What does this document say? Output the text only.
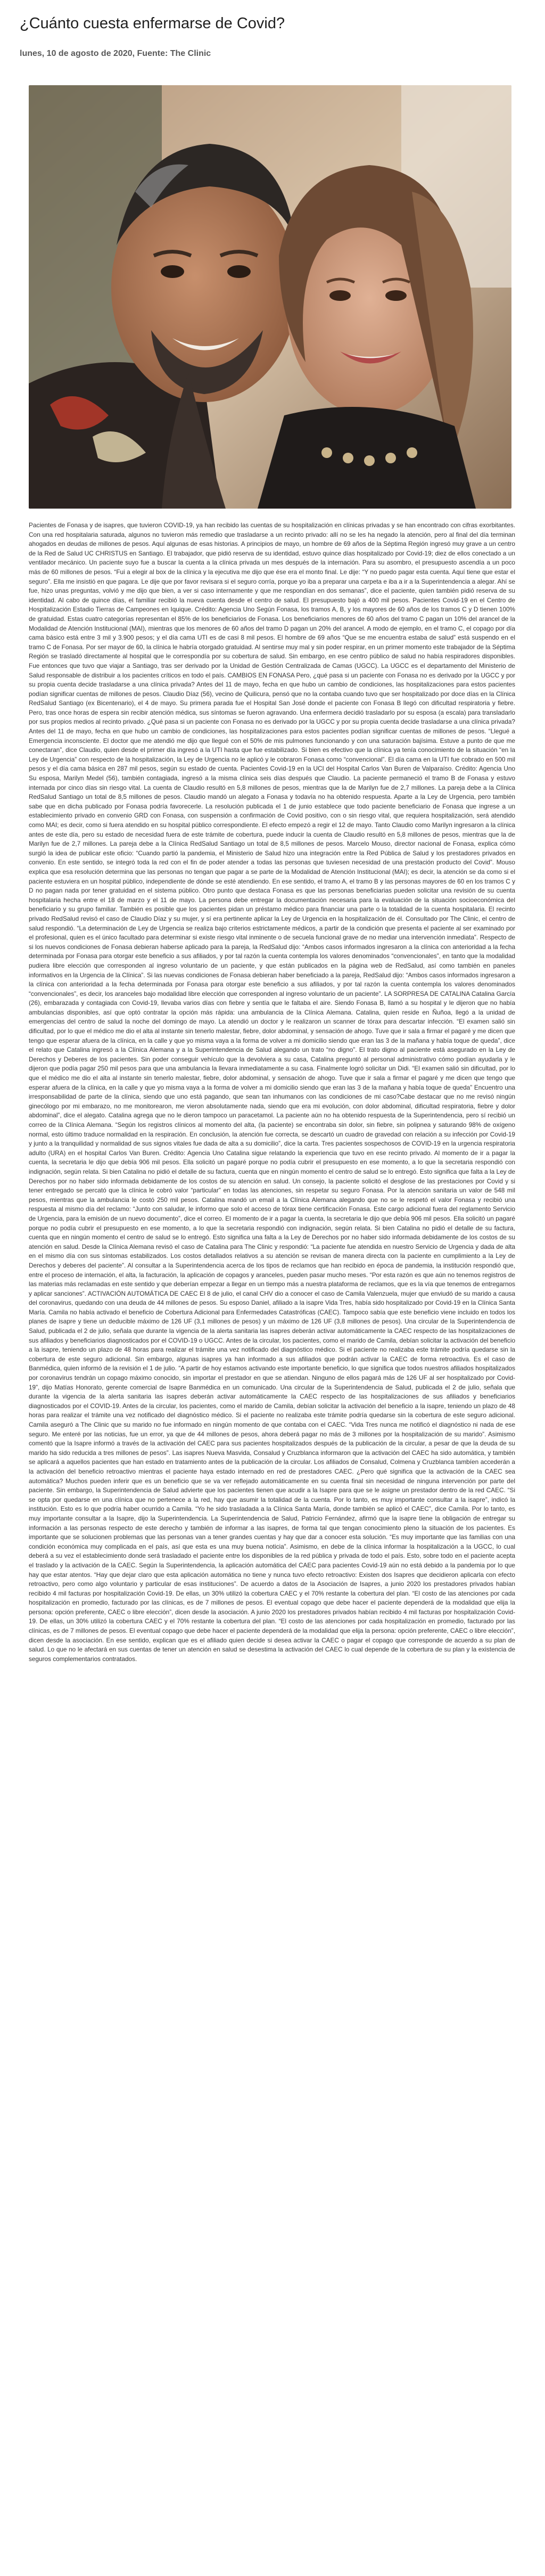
¿Cuánto cuesta enfermarse de Covid?

lunes, 10 de agosto de 2020, Fuente: The Clinic

Pacientes de Fonasa y de isapres, que tuvieron COVID-19, ya han recibido las cuentas de su hospitalización en clínicas privadas y se han encontrado con cifras exorbitantes. Con una red hospitalaria saturada, algunos no tuvieron más remedio que trasladarse a un recinto privado: allí no se les ha negado la atención, pero al final del día terminan ahogados en deudas de millones de pesos. Aquí algunas de esas historias. A principios de mayo, un hombre de 69 años de la Séptima Región ingresó muy grave a un centro de la Red de Salud UC CHRISTUS en Santiago. El trabajador, que pidió reserva de su identidad, estuvo quince días hospitalizado por Covid-19; diez de ellos conectado a un ventilador mecánico. Un paciente suyo fue a buscar la cuenta a la clínica privada un mes después de la internación. Para su asombro, el presupuesto ascendía a un poco más de 60 millones de pesos. “Fui a elegir al box de la clínica y la ejecutiva me dijo que ése era el monto final. Le dije: “Y no puedo pagar esta cuenta. Aquí tiene que estar el seguro”. Ella me insistió en que pagara. Le dije que por favor revisara si el seguro corría, porque yo iba a preparar una carpeta e iba a ir a la Superintendencia a alegar. Ahí se fue, hizo unas preguntas, volvió y me dijo que bien, a ver si caso internamente y que me respondían en dos semanas”, dice el paciente, quien también pidió reserva de su identidad. Al cabo de quince días, el familiar recibió la nueva cuenta desde el centro de salud. El presupuesto bajó a 400 mil pesos. Pacientes Covid-19 en el Centro de Hospitalización Estadio Tierras de Campeones en Iquique. Crédito: Agencia Uno Según Fonasa, los tramos A, B, y los mayores de 60 años de los tramos C y D tienen 100% de gratuidad. Estas cuatro categorías representan el 85% de los beneficiarios de Fonasa. Los beneficiarios menores de 60 años del tramo C pagan un 10% del arancel de la Modalidad de Atención Institucional (MAI), mientras que los menores de 60 años del tramo D pagan un 20% del arancel. A modo de ejemplo, en el tramo C, el copago por día cama básico está entre 3 mil y 3.900 pesos; y el día cama UTI es de casi 8 mil pesos. El hombre de 69 años “Que se me encuentra estaba de salud” está suspendo en el tramo C de Fonasa. Por ser mayor de 60, la clínica le habría otorgado gratuidad. Al sentirse muy mal y sin poder respirar, en un primer momento este trabajador de la Séptima Región se trasladó directamente al hospital que le correspondía por su cobertura de salud. Sin embargo, en ese centro público de salud no había respiradores disponibles. Fue entonces que tuvo que viajar a Santiago, tras ser derivado por la Unidad de Gestión Centralizada de Camas (UGCC). La UGCC es el departamento del Ministerio de Salud responsable de distribuir a los pacientes críticos en todo el país. CAMBIOS EN FONASA Pero, ¿qué pasa si un paciente con Fonasa no es derivado por la UGCC y por su propia cuenta decide trasladarse a una clínica privada? Antes del 11 de mayo, fecha en que hubo un cambio de condiciones, las hospitalizaciones para estos pacientes podían significar cuentas de millones de pesos. Claudio Díaz (56), vecino de Quilicura, pensó que no la contaba cuando tuvo que ser hospitalizado por doce días en la Clínica RedSalud Santiago (ex Bicentenario), el 4 de mayo. Su primera parada fue el Hospital San José donde el paciente con Fonasa B llegó con dificultad respiratoria y fiebre. Pero, tras once horas de espera sin recibir atención médica, sus síntomas se fueron agravando. Una enfermera decidió trasladarlo por su esposa (a escala) para transladarlo por sus propios medios al recinto privado. ¿Qué pasa si un paciente con Fonasa no es derivado por la UGCC y por su propia cuenta decide trasladarse a una clínica privada? Antes del 11 de mayo, fecha en que hubo un cambio de condiciones, las hospitalizaciones para estos pacientes podían significar cuentas de millones de pesos. “Llegué a Emergencia inconsciente. El doctor que me atendió me dijo que llegué con el 50% de mis pulmones funcionando y con una saturación bajísima. Estuve a punto de que me conectaran”, dice Claudio, quien desde el primer día ingresó a la UTI hasta que fue estabilizado. Si bien es efectivo que la clínica ya tenía conocimiento de la situación “en la Ley de Urgencia” con respecto de la hospitalización, la Ley de Urgencia no le aplicó y le cobraron Fonasa como “convencional”. El día cama en la UTI fue cobrado en 500 mil pesos y el día cama básica en 287 mil pesos, según su estado de cuenta. Pacientes Covid-19 en la UCI del Hospital Carlos Van Buren de Valparaíso. Crédito: Agencia Uno Su esposa, Marilyn Medel (56), también contagiada, ingresó a la misma clínica seis días después que Claudio. La paciente permaneció el tramo B de Fonasa y estuvo internada por cinco días sin riesgo vital. La cuenta de Claudio resultó en 5,8 millones de pesos, mientras que la de Marilyn fue de 2,7 millones. La pareja debe a la Clínica RedSalud Santiago un total de 8,5 millones de pesos. Claudio mandó un alegato a Fonasa y todavía no ha obtenido respuesta. Aparte a la Ley de Urgencia, pero también sabe que en dicha publicado por Fonasa podría favorecerle. La resolución publicada el 1 de junio establece que todo paciente beneficiario de Fonasa que ingrese a un establecimiento privado en convenio GRD con Fonasa, con suspensión a confirmación de Covid positivo, con o sin riesgo vital, que requiera hospitalización, será atendido como MAI; es decir, como si fuera atendido en su hospital público correspondiente. El efecto empezó a regir el 12 de mayo. Tanto Claudio como Marilyn ingresaron a la clínica antes de este día, pero su estado de necesidad fuera de este trámite de cobertura, puede inducir la cuenta de Claudio resultó en 5,8 millones de pesos, mientras que la de Marilyn fue de 2,7 millones. La pareja debe a la Clínica RedSalud Santiago un total de 8,5 millones de pesos. Marcelo Mouso, director nacional de Fonasa, explica cómo surgió la idea de publicar este oficio: “Cuando partió la pandemia, el Ministerio de Salud hizo una integración entre la Red Pública de Salud y los prestadores privados en convenio. En este sentido, se integró toda la red con el fin de poder atender a todas las personas que tuviesen necesidad de una prestación producto del Covid”. Mouso explica que esa resolución determina que las personas no tengan que pagar a se parte de la Modalidad de Atención Institucional (MAI); es decir, la atención se da como si el paciente estuviera en un hospital público, independiente de dónde se esté atendiendo. En ese sentido, el tramo A, el tramo B y las personas mayores de 60 en los tramos C y D no pagan nada por tener gratuidad en el sistema público. Otro punto que destaca Fonasa es que las personas beneficiarias pueden solicitar una revisión de su cuenta hospitalaria hecha entre el 18 de marzo y el 11 de mayo. La persona debe entregar la documentación necesaria para la evaluación de la situación socioeconómica del beneficiario y su grupo familiar. También es posible que los pacientes pidan un préstamo médico para financiar una parte o la totalidad de la cuenta hospitalaria. El recinto privado RedSalud revisó el caso de Claudio Díaz y su mujer, y sí era pertinente aplicar la Ley de Urgencia en la hospitalización de él. Consultado por The Clinic, el centro de salud respondió. “La determinación de Ley de Urgencia se realiza bajo criterios estrictamente médicos, a partir de la condición que presenta el paciente al ser examinado por el profesional, quien es el único facultado para determinar si existe riesgo vital inminente o de secuela funcional grave de no mediar una intervención inmediata”. Respecto de si los nuevos condiciones de Fonasa debieran haberse aplicado para la pareja, la RedSalud dijo: “Ambos casos informados ingresaron a la clínica con anterioridad a la fecha determinada por Fonasa para otorgar este beneficio a sus afiliados, y por tal razón la cuenta contempla los valores denominados “convencionales”, en tanto que la modalidad pudiera libre elección que corresponden al ingreso voluntario de un paciente, y que están publicados en la página web de RedSalud, así como también en paneles informativos en la Urgencia de la Clínica”. Si las nuevas condiciones de Fonasa debieran haber beneficiado a la pareja, RedSalud dijo: “Ambos casos informados ingresaron a la clínica con anterioridad a la fecha determinada por Fonasa para otorgar este beneficio a sus afiliados, y por tal razón la cuenta contempla los valores denominados “convencionales”, es decir, los aranceles bajo modalidad libre elección que corresponden al ingreso voluntario de un paciente”. LA SORPRESA DE CATALINA Catalina García (26), embarazada y contagiada con Covid-19, llevaba varios días con fiebre y sentía que le faltaba el aire. Siendo Fonasa B, llamó a su hospital y le dijeron que no había ambulancias disponibles, así que optó contratar la opción más rápida: una ambulancia de la Clínica Alemana. Catalina, quien reside en Ñuñoa, llegó a la unidad de emergencias del centro de salud la noche del domingo de mayo. La atendió un doctor y le realizaron un scanner de tórax para descartar infección. “El examen salió sin dificultad, por lo que el médico me dio el alta al instante sin tenerlo malestar, fiebre, dolor abdominal, y sensación de ahogo. Tuve que ir sala a firmar el pagaré y me dicen que tengo que esperar afuera de la clínica, en la calle y que yo misma vaya a la forma de volver a mi domicilio siendo que eran las 3 de la mañana y había toque de queda”, dice el relato que Catalina ingresó a la Clínica Alemana y a la Superintendencia de Salud alegando un trato “no digno”. El trato digno al paciente está asegurado en la Ley de Derechos y Deberes de los pacientes. Sin poder conseguir vehículo que la devolviera a su casa, Catalina preguntó al personal administrativo cómo podían ayudarla y le dijeron que podía pagar 250 mil pesos para que una ambulancia la llevara inmediatamente a su casa. Finalmente logró solicitar un Didi. “El examen salió sin dificultad, por lo que el médico me dio el alta al instante sin tenerlo malestar, fiebre, dolor abdominal, y sensación de ahogo. Tuve que ir sala a firmar el pagaré y me dicen que tengo que esperar afuera de la clínica, en la calle y que yo misma vaya a la forma de volver a mi domicilio siendo que eran las 3 de la mañana y había toque de queda” Encuentro una irresponsabilidad de parte de la clínica, siendo que uno está pagando, que sean tan inhumanos con las condiciones de mi caso?Cabe destacar que no me revisó ningún ginecólogo por mi embarazo, no me monitorearon, me vieron absolutamente nada, siendo que era mi evolución, con dolor abdominal, dificultad respiratoria, fiebre y dolor abdominal”, dice el alegato. Catalina agrega que no le dieron tampoco un paracetamol. La paciente aún no ha obtenido respuesta de la Superintendencia, pero sí recibió un correo de la Clínica Alemana. “Según los registros clínicos al momento del alta, (la paciente) se encontraba sin dolor, sin fiebre, sin polipnea y saturando 98% de oxígeno normal, esto último traduce normalidad en la respiración. En conclusión, la atención fue correcta, se descartó un cuadro de gravedad con relación a su infección por Covid-19 y junto a la tranquilidad y normalidad de sus signos vitales fue dada de alta a su domicilio”, dice la carta. Tres pacientes sospechosos de COVID-19 en la urgencia respiratoria adulto (URA) en el hospital Carlos Van Buren. Crédito: Agencia Uno Catalina sigue relatando la experiencia que tuvo en ese recinto privado. Al momento de ir a pagar la cuenta, la secretaria le dijo que debía 906 mil pesos. Ella solicitó un pagaré porque no podía cubrir el presupuesto en ese momento, a lo que la secretaria respondió con indignación, según relata. Si bien Catalina no pidió el detalle de su factura, cuenta que en ningún momento el centro de salud se lo entregó. Esto significa que falta a la Ley de Derechos por no haber sido informada debidamente de los costos de su atención en salud. Un consejo, la paciente solicitó el desglose de las prestaciones por Covid y si tener entregado se percató que la clínica le cobró valor “particular” en todas las atenciones, sin respetar su seguro Fonasa. Por la atención sanitaria un valor de 548 mil pesos, mientras que la ambulancia le costó 250 mil pesos. Catalina mandó un email a la Clínica Alemana alegando que no se le respetó el valor Fonasa y recibió una respuesta al mismo día del reclamo: “Junto con saludar, le informo que solo el acceso de tórax tiene certificación Fonasa. Este cargo adicional fuera del reglamento Servicio de Urgencia, para la emisión de un nuevo documento”, dice el correo. El momento de ir a pagar la cuenta, la secretaria le dijo que debía 906 mil pesos. Ella solicitó un pagaré porque no podía cubrir el presupuesto en ese momento, a lo que la secretaria respondió con indignación, según relata. Si bien Catalina no pidió el detalle de su factura, cuenta que en ningún momento el centro de salud se lo entregó. Esto significa una falta a la Ley de Derechos por no haber sido informada debidamente de los costos de su atención en salud. Desde la Clínica Alemana revisó el caso de Catalina para The Clinic y respondió: “La paciente fue atendida en nuestro Servicio de Urgencia y dada de alta en el mismo día con sus síntomas estabilizados. Los costos detallados relativos a su atención se revisan de manera directa con la paciente en cumplimiento a la Ley de Derechos y deberes del paciente”. Al consultar a la Superintendencia acerca de los tipos de reclamos que han recibido en época de pandemia, la institución respondió que, entre el proceso de internación, el alta, la facturación, la aplicación de copagos y aranceles, pueden pasar mucho meses. “Por esta razón es que aún no tenemos registros de las materias más reclamadas en este sentido y que deberían empezar a llegar en un tiempo más a nuestra plataforma de reclamos, que es la vía que tenemos de entregarnos y aplicar sanciones”. ACTIVACIÓN AUTOMÁTICA DE CAEC El 8 de julio, el canal CHV dio a conocer el caso de Camila Valenzuela, mujer que enviudó de su marido a causa del coronavirus, quedando con una deuda de 44 millones de pesos. Su esposo Daniel, afiliado a la isapre Vida Tres, había sido hospitalizado por Covid-19 en la Clínica Santa María. Camila no había activado el beneficio de Cobertura Adicional para Enfermedades Catastróficas (CAEC). Tampoco sabía que este beneficio viene incluido en todos los planes de isapre y tiene un deducible máximo de 126 UF (3,1 millones de pesos) y un máximo de 126 UF (3,8 millones de pesos). Una circular de la Superintendencia de Salud, publicada el 2 de julio, señala que durante la vigencia de la alerta sanitaria las isapres deberán activar automáticamente la CAEC respecto de las hospitalizaciones de sus afiliados y beneficiarios diagnosticados por el COVID-19 o UGCC. Antes de la circular, los pacientes, como el marido de Camila, debían solicitar la activación del beneficio a la isapre, teniendo un plazo de 48 horas para realizar el trámite una vez notificado del diagnóstico médico. Si el paciente no realizaba este trámite podría quedarse sin la cobertura de este seguro adicional. Sin embargo, algunas isapres ya han informado a sus afiliados que podrán activar la CAEC de forma retroactiva. Es el caso de Banmédica, quien informó de la revisión el 1 de julio. “A partir de hoy estamos activando este importante beneficio, lo que significa que todos nuestros afiliados hospitalizados por coronavirus tendrán un copago máximo conocido, sin importar el prestador en que se atiendan. Ninguno de ellos pagará más de 126 UF al ser hospitalizado por Covid-19”, dijo Matías Honorato, gerente comercial de Isapre Banmédica en un comunicado. Una circular de la Superintendencia de Salud, publicada el 2 de julio, señala que durante la vigencia de la alerta sanitaria las isapres deberán activar automáticamente la CAEC respecto de las hospitalizaciones de sus afiliados y beneficiarios diagnosticados por el COVID-19. Antes de la circular, los pacientes, como el marido de Camila, debían solicitar la activación del beneficio a la isapre, teniendo un plazo de 48 horas para realizar el trámite una vez notificado del diagnóstico médico. Si el paciente no realizaba este trámite podría quedarse sin la cobertura de este seguro adicional. Camila aseguró a The Clinic que su marido no fue informado en ningún momento de que contaba con el CAEC. “Vida Tres nunca me notificó el diagnóstico ni nada de ese seguro. Me enteré por las noticias, fue un error, ya que de 44 millones de pesos, ahora deberá pagar no más de 3 millones por la hospitalización de su marido”. Asimismo comentó que la Isapre informó a través de la activación del CAEC para sus pacientes hospitalizados después de la publicación de la circular, a pesar de que la deuda de su marido ha sido reducida a tres millones de pesos”. Las isapres Nueva Masvida, Consalud y Cruzblanca informaron que la activación del CAEC ha sido automática, y también se aplicará a aquellos pacientes que han estado en tratamiento antes de la publicación de la circular. Los afiliados de Consalud, Colmena y Cruzblanca tambíen accederán a la activación del beneficio retroactivo mientras el paciente haya estado internado en red de prestadores CAEC. ¿Pero qué significa que la activación de la CAEC sea automática? Muchos pueden inferir que es un beneficio que se va ver reflejado automáticamente en su cuenta final sin necesidad de ninguna intervención por parte del paciente. Sin embargo, la Superintendencia de Salud advierte que los pacientes tienen que acudir a la Isapre para que se le asigne un prestador dentro de la red CAEC. “Si se opta por quedarse en una clínica que no pertenece a la red, hay que asumir la totalidad de la cuenta. Por lo tanto, es muy importante consultar a la isapre”, indicó la institución. Esto es lo que podría haber ocurrido a Camila. “Yo he sido trasladada a la Clínica Santa María, donde también se aplicó el CAEC”, dice Camila. Por lo tanto, es muy importante consultar a la Isapre, dijo la Superintendencia. La Superintendencia de Salud, Patricio Fernández, afirmó que la isapre tiene la obligación de entregar su información a las personas respecto de este derecho y también de informar a las isapres, de forma tal que tengan conocimiento pleno la situación de los pacientes. Es importante que se solucionen problemas que las personas van a tener grandes cuentas y hay que dar a conocer esta solución. “Es muy importante que las familias con una condición económica muy complicada en el país, así que esta es una muy buena noticia”. Asimismo, en debe de la clínica informar la hospitalización a la UGCC, lo cual deberá a su vez el establecimiento donde será trasladado el paciente entre los disponibles de la red pública y privada de todo el país. Esto, sobre todo en el paciente acepta el traslado y la activación de la CAEC. Según la Superintendencia, la aplicación automática del CAEC para pacientes Covid-19 aún no está debido a la pandemia por lo que hay que estar atentos. “Hay que dejar claro que esta aplicación automática no tiene y nunca tuvo efecto retroactivo: Existen dos Isapres que decidieron aplicarla con efecto retroactivo, pero como algo voluntario y particular de esas instituciones”. De acuerdo a datos de la Asociación de Isapres, a junio 2020 los prestadores privados habían recibido 4 mil facturas por hospitalización Covid-19. De ellas, un 30% utilizó la cobertura CAEC y el 70% restante la cobertura del plan. “El costo de las atenciones por cada hospitalización en promedio, facturado por las clínicas, es de 7 millones de pesos. El eventual copago que debe hacer el paciente dependerá de la modalidad que elija la persona: opción preferente, CAEC o libre elección”, dicen desde la asociación. A junio 2020 los prestadores privados habían recibido 4 mil facturas por hospitalización Covid-19. De ellas, un 30% utilizó la cobertura CAEC y el 70% restante la cobertura del plan. “El costo de las atenciones por cada hospitalización en promedio, facturado por las clínicas, es de 7 millones de pesos. El eventual copago que debe hacer el paciente dependerá de la modalidad que elija la persona: opción preferente, CAEC o libre elección”, dicen desde la asociación. En ese sentido, explican que es el afiliado quien decide si desea activar la CAEC o pagar el copago que corresponde de acuerdo a su plan de salud. Lo que no le afectará en sus cuentas de tener un atención en salud se desestima la activación del CAEC lo cual depende de la cobertura de su plan y la existencia de seguros complementarios contratados.
